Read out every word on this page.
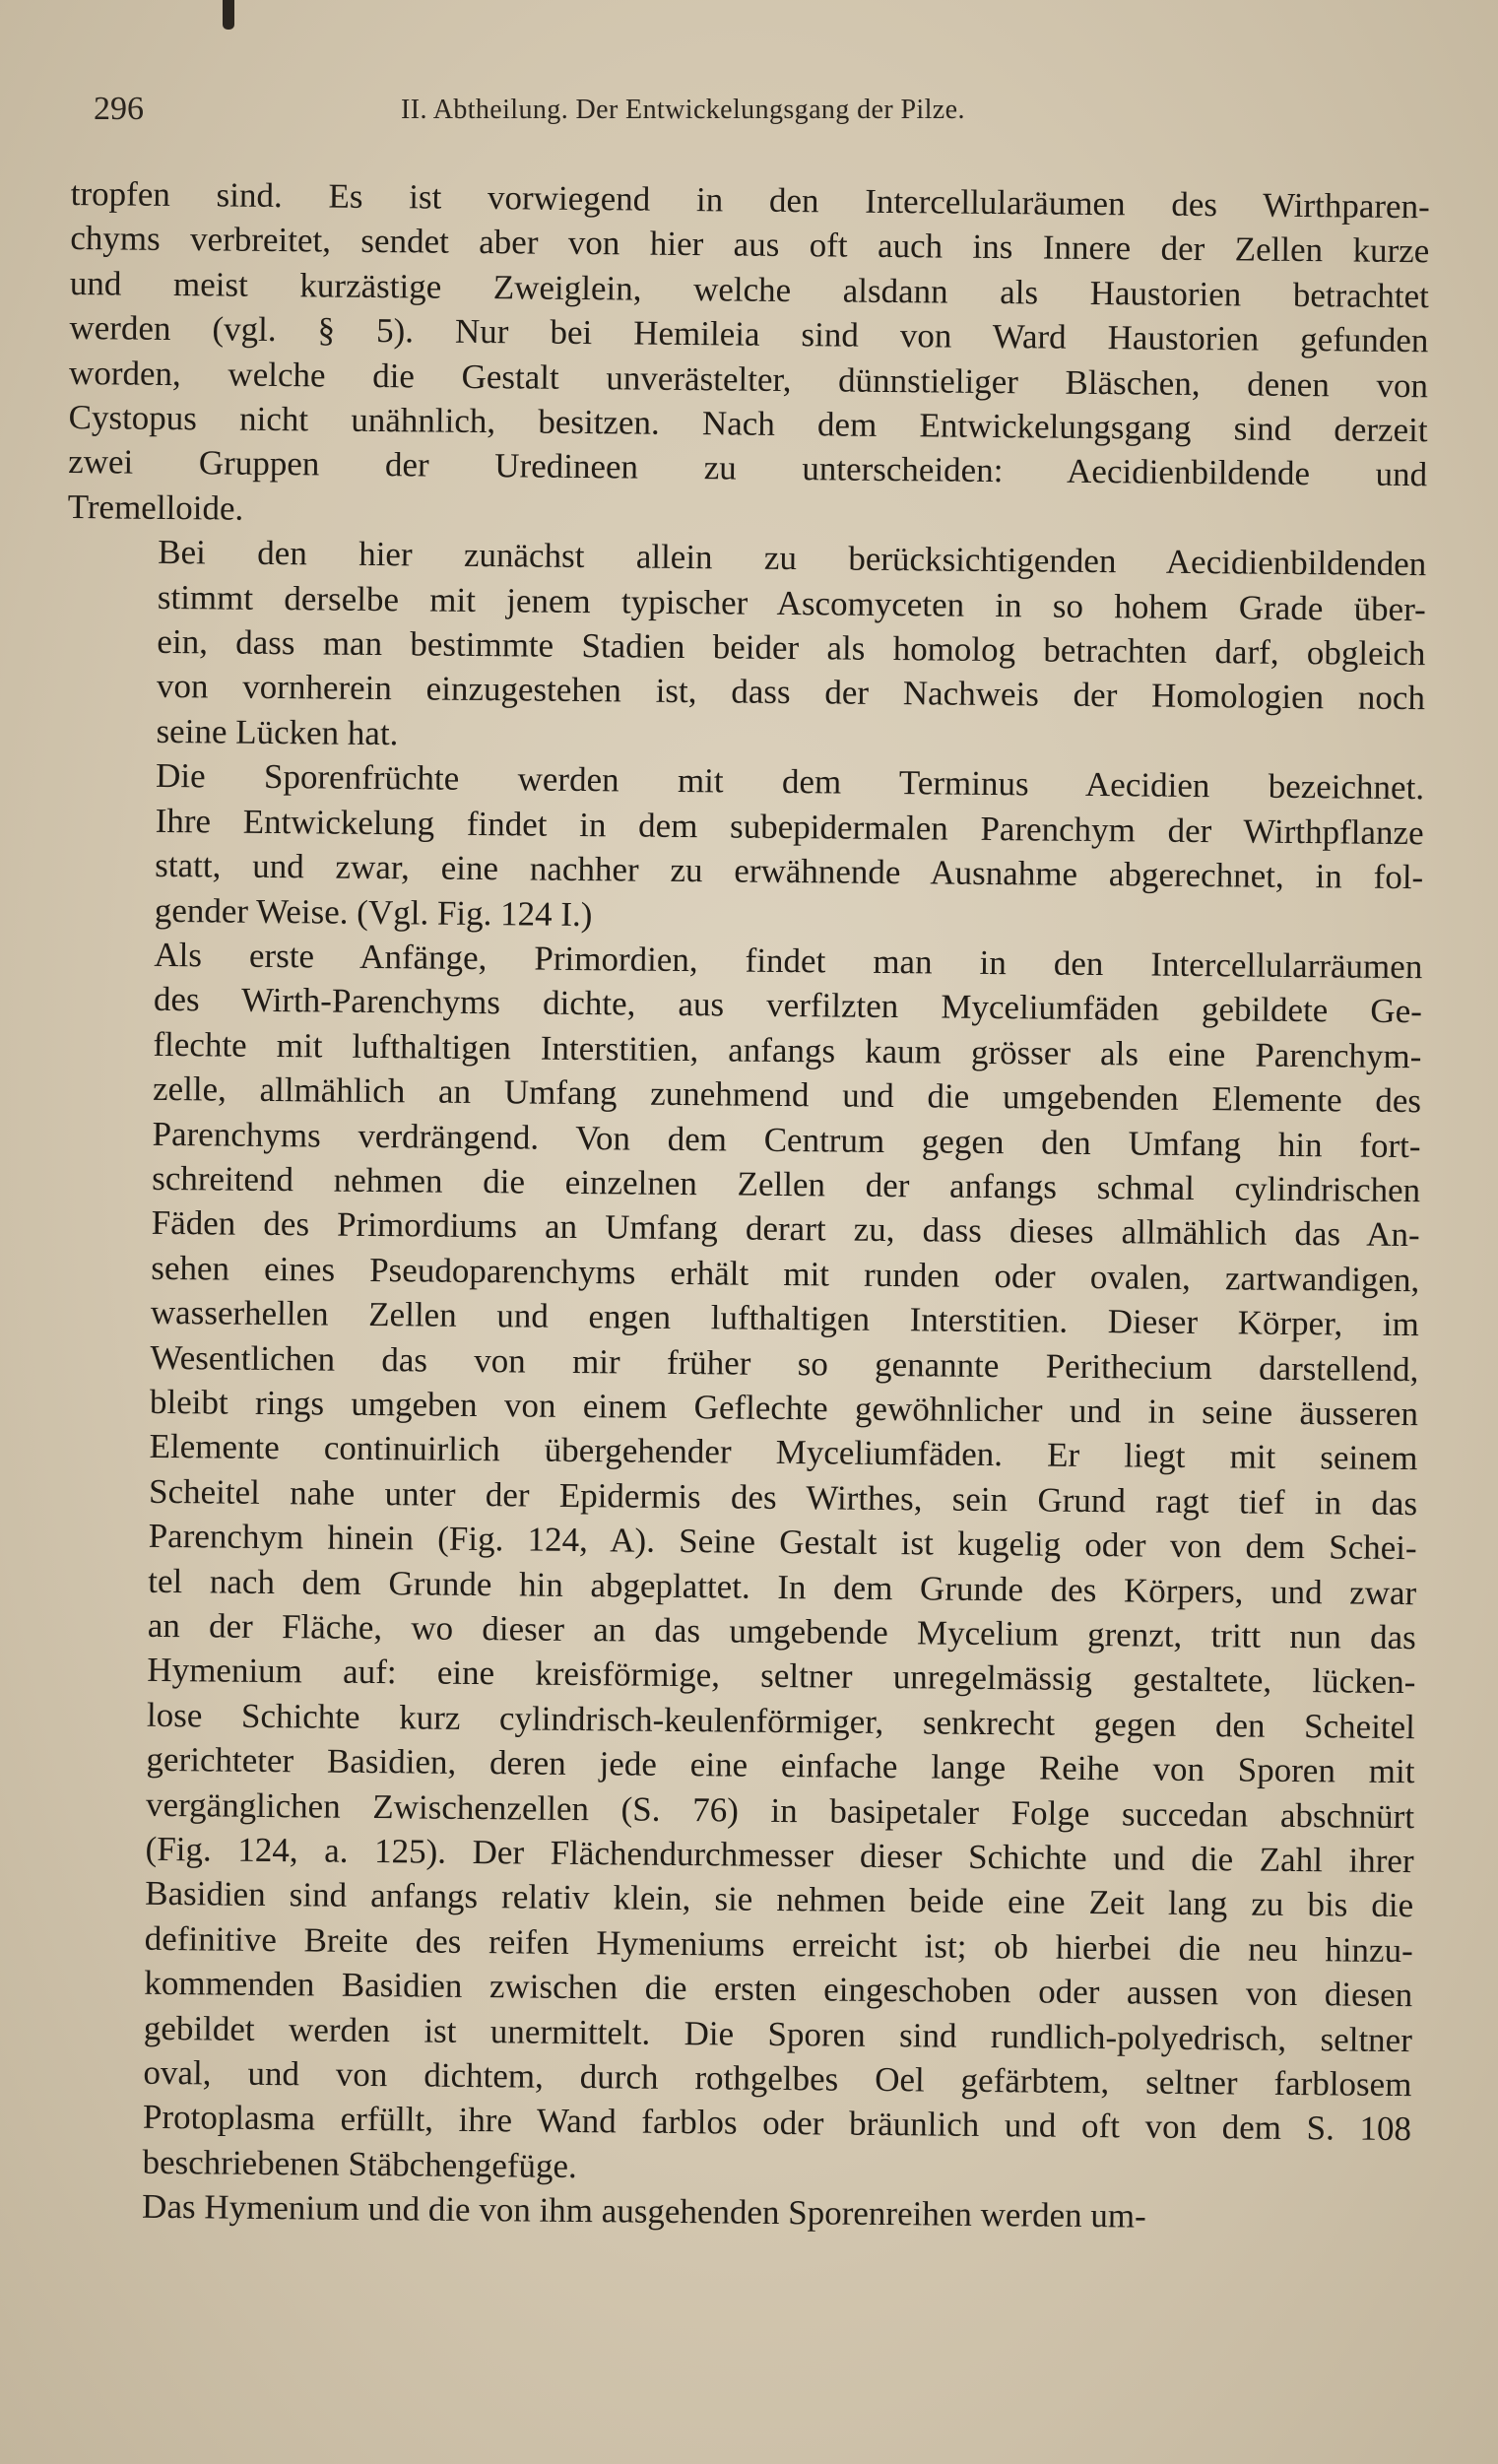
296	II. Abtheilung. Der Entwickelungsgang der Pilze.
tropfen sind. Es ist vorwiegend in den Intercellularäumen des Wirthparen-
chyms verbreitet, sendet aber von hier aus oft auch ins Innere der Zellen kurze
und meist kurzästige Zweiglein, welche alsdann als Haustorien betrachtet
werden (vgl. § 5). Nur bei Hemileia sind von Ward Haustorien gefunden
worden, welche die Gestalt unverästelter, dünnstieliger Bläschen, denen von
Cystopus nicht unähnlich, besitzen. Nach dem Entwickelungsgang sind derzeit
zwei Gruppen der Uredineen zu unterscheiden: Aecidienbildende und
Tremelloide.
Bei den hier zunächst allein zu berücksichtigenden Aecidienbildenden
stimmt derselbe mit jenem typischer Ascomyceten in so hohem Grade über-
ein, dass man bestimmte Stadien beider als homolog betrachten darf, obgleich
von vornherein einzugestehen ist, dass der Nachweis der Homologien noch
seine Lücken hat.
Die Sporenfrüchte werden mit dem Terminus Aecidien bezeichnet.
Ihre Entwickelung findet in dem subepidermalen Parenchym der Wirthpflanze
statt, und zwar, eine nachher zu erwähnende Ausnahme abgerechnet, in fol-
gender Weise. (Vgl. Fig. 124 I.)
Als erste Anfänge, Primordien, findet man in den Intercellularräumen
des Wirth-Parenchyms dichte, aus verfilzten Myceliumfäden gebildete Ge-
flechte mit lufthaltigen Interstitien, anfangs kaum grösser als eine Parenchym-
zelle, allmählich an Umfang zunehmend und die umgebenden Elemente des
Parenchyms verdrängend. Von dem Centrum gegen den Umfang hin fort-
schreitend nehmen die einzelnen Zellen der anfangs schmal cylindrischen
Fäden des Primordiums an Umfang derart zu, dass dieses allmählich das An-
sehen eines Pseudoparenchyms erhält mit runden oder ovalen, zartwandigen,
wasserhellen Zellen und engen lufthaltigen Interstitien. Dieser Körper, im
Wesentlichen das von mir früher so genannte Perithecium darstellend,
bleibt rings umgeben von einem Geflechte gewöhnlicher und in seine äusseren
Elemente continuirlich übergehender Myceliumfäden. Er liegt mit seinem
Scheitel nahe unter der Epidermis des Wirthes, sein Grund ragt tief in das
Parenchym hinein (Fig. 124, A). Seine Gestalt ist kugelig oder von dem Schei-
tel nach dem Grunde hin abgeplattet. In dem Grunde des Körpers, und zwar
an der Fläche, wo dieser an das umgebende Mycelium grenzt, tritt nun das
Hymenium auf: eine kreisförmige, seltner unregelmässig gestaltete, lücken-
lose Schichte kurz cylindrisch-keulenförmiger, senkrecht gegen den Scheitel
gerichteter Basidien, deren jede eine einfache lange Reihe von Sporen mit
vergänglichen Zwischenzellen (S. 76) in basipetaler Folge succedan abschnürt
(Fig. 124, a. 125). Der Flächendurchmesser dieser Schichte und die Zahl ihrer
Basidien sind anfangs relativ klein, sie nehmen beide eine Zeit lang zu bis die
definitive Breite des reifen Hymeniums erreicht ist; ob hierbei die neu hinzu-
kommenden Basidien zwischen die ersten eingeschoben oder aussen von diesen
gebildet werden ist unermittelt. Die Sporen sind rundlich-polyedrisch, seltner
oval, und von dichtem, durch rothgelbes Oel gefärbtem, seltner farblosem
Protoplasma erfüllt, ihre Wand farblos oder bräunlich und oft von dem S. 108
beschriebenen Stäbchengefüge.
Das Hymenium und die von ihm ausgehenden Sporenreihen werden um-
